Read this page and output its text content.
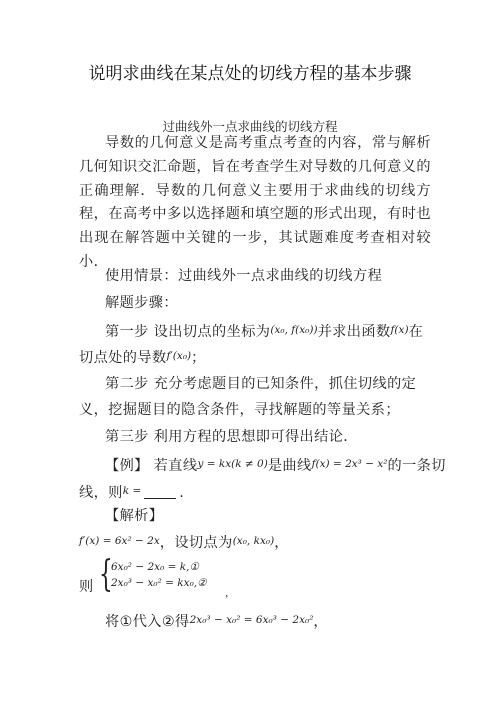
说明求曲线在某点处的切线方程的基本步骤
过曲线外一点求曲线的切线方程
导数的几何意义是高考重点考查的内容，常与解析几何知识交汇命题，旨在考查学生对导数的几何意义的正确理解．导数的几何意义主要用于求曲线的切线方程，在高考中多以选择题和填空题的形式出现，有时也出现在解答题中关键的一步，其试题难度考查相对较小．
使用情景：过曲线外一点求曲线的切线方程
解题步骤：
第一步 设出切点的坐标为$^{(x_0, f(x_0))}$并求出函数$^{f(x)}$在
切点处的导数$^{f'(x_0)}$；
第二步 充分考虑题目的已知条件，抓住切线的定
义，挖掘题目的隐含条件，寻找解题的等量关系；
第三步 利用方程的思想即可得出结论．
【例】 若直线$^{y = kx(k \ne 0)}$是曲线$^{f(x) = 2x^3 - x^2}$的一条切
线，则$^{k =}$	.
【解析】
$^{f'(x) = 6x^2 - 2x}$，设切点为$^{(x_0, kx_0)}$，
则 {
6x₀² − 2x₀ = k,①
2x₀³ − x₀² = kx₀,②
，
将①代入②得$^{2x_0^3 - x_0^2 = 6x_0^3 - 2x_0^2}$，
